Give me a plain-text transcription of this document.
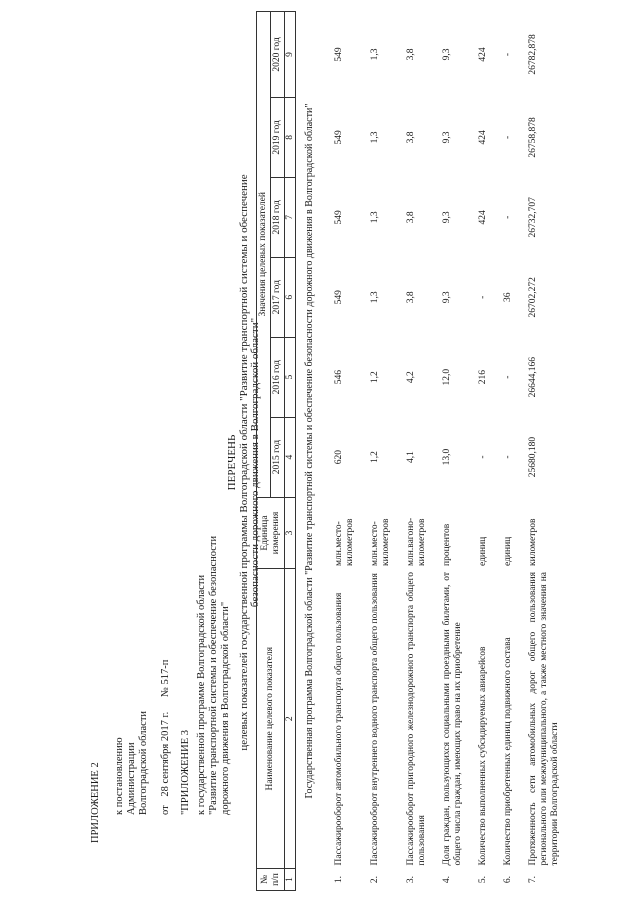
ПРИЛОЖЕНИЕ 2 к постановлению Администрации Волгоградской области от 28 сентября 2017 г. № 517-п
"ПРИЛОЖЕНИЕ 3 к государственной программе Волгоградской области "Развитие транспортной системы и обеспечение безопасности дорожного движения в Волгоградской области"
ПЕРЕЧЕНЬ целевых показателей государственной программы Волгоградской области "Развитие транспортной системы и обеспечение безопасности дорожного движения в Волгоградской области"
№ п/п	Наименование целевого показателя	Единица измерения	Значения целевых показателей					
			2015 год	2016 год	2017 год	2018 год	2019 год	2020 год
1	2	3	4	5	6	7	8	9
Государственная программа Волгоградской области "Развитие транспортной системы и обеспечение безопасности дорожного движения в Волгоградской области"								
1.	Пассажирооборот автомобильного транспорта общего пользования	млн.место-километров	620	546	549	549	549	549
2.	Пассажирооборот внутреннего водного транспорта общего пользования	млн.место-километров	1,2	1,2	1,3	1,3	1,3	1,3
3.	Пассажирооборот пригородного железнодорожного транспорта общего пользования	млн.вагоно-километров	4,1	4,2	3,8	3,8	3,8	3,8
4.	Доля граждан, пользующихся социальными проездными билетами, от общего числа граждан, имеющих право на их приобретение	процентов	13,0	12,0	9,3	9,3	9,3	9,3
5.	Количество выполненных субсидируемых авиарейсов	единиц	-	216	-	424	424	424
6.	Количество приобретенных единиц подвижного состава	единиц	-	-	36	-	-	-
7.	Протяженность сети автомобильных дорог общего пользования регионального или межмуниципального, а также местного значения на территории Волгоградской области	километров	25680,180	26644,166	26702,272	26732,707	26758,878	26782,878
